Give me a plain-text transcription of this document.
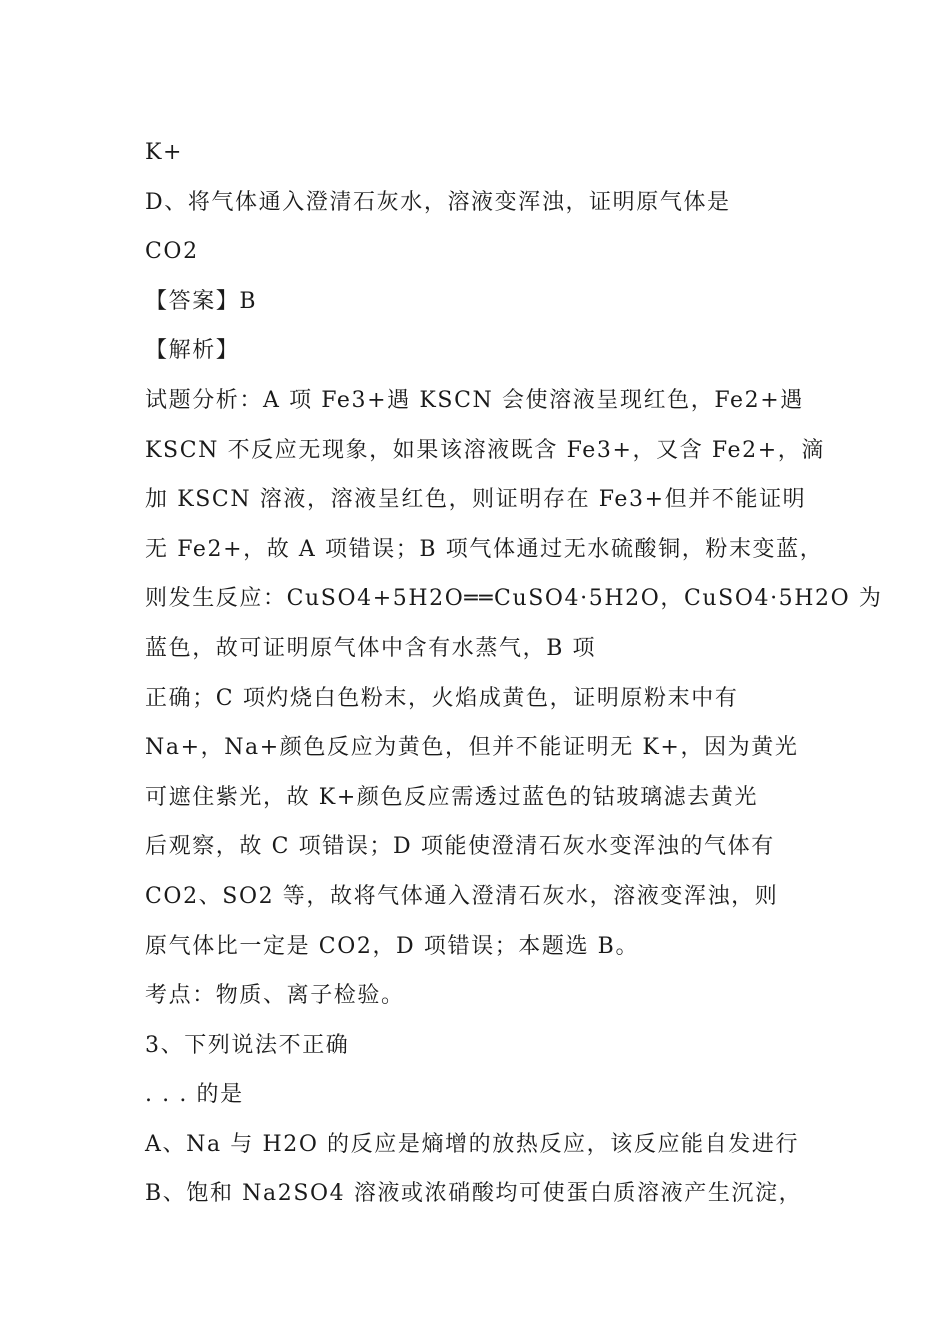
K+
D、将气体通入澄清石灰水，溶液变浑浊，证明原气体是
CO2
【答案】B
【解析】
试题分析：A 项 Fe3+遇 KSCN 会使溶液呈现红色，Fe2+遇
KSCN 不反应无现象，如果该溶液既含 Fe3+，又含 Fe2+，滴
加 KSCN 溶液，溶液呈红色，则证明存在 Fe3+但并不能证明
无 Fe2+，故 A 项错误；B 项气体通过无水硫酸铜，粉末变蓝，
则发生反应：CuSO4+5H2O══CuSO4·5H2O，CuSO4·5H2O 为
蓝色，故可证明原气体中含有水蒸气，B 项
正确；C 项灼烧白色粉末，火焰成黄色，证明原粉末中有
Na+，Na+颜色反应为黄色，但并不能证明无 K+，因为黄光
可遮住紫光，故 K+颜色反应需透过蓝色的钴玻璃滤去黄光
后观察，故 C 项错误；D 项能使澄清石灰水变浑浊的气体有
CO2、SO2 等，故将气体通入澄清石灰水，溶液变浑浊，则
原气体比一定是 CO2，D 项错误；本题选 B。
考点：物质、离子检验。
3、下列说法不正确
. . . 的是
A、Na 与 H2O 的反应是熵增的放热反应，该反应能自发进行
B、饱和 Na2SO4 溶液或浓硝酸均可使蛋白质溶液产生沉淀，
